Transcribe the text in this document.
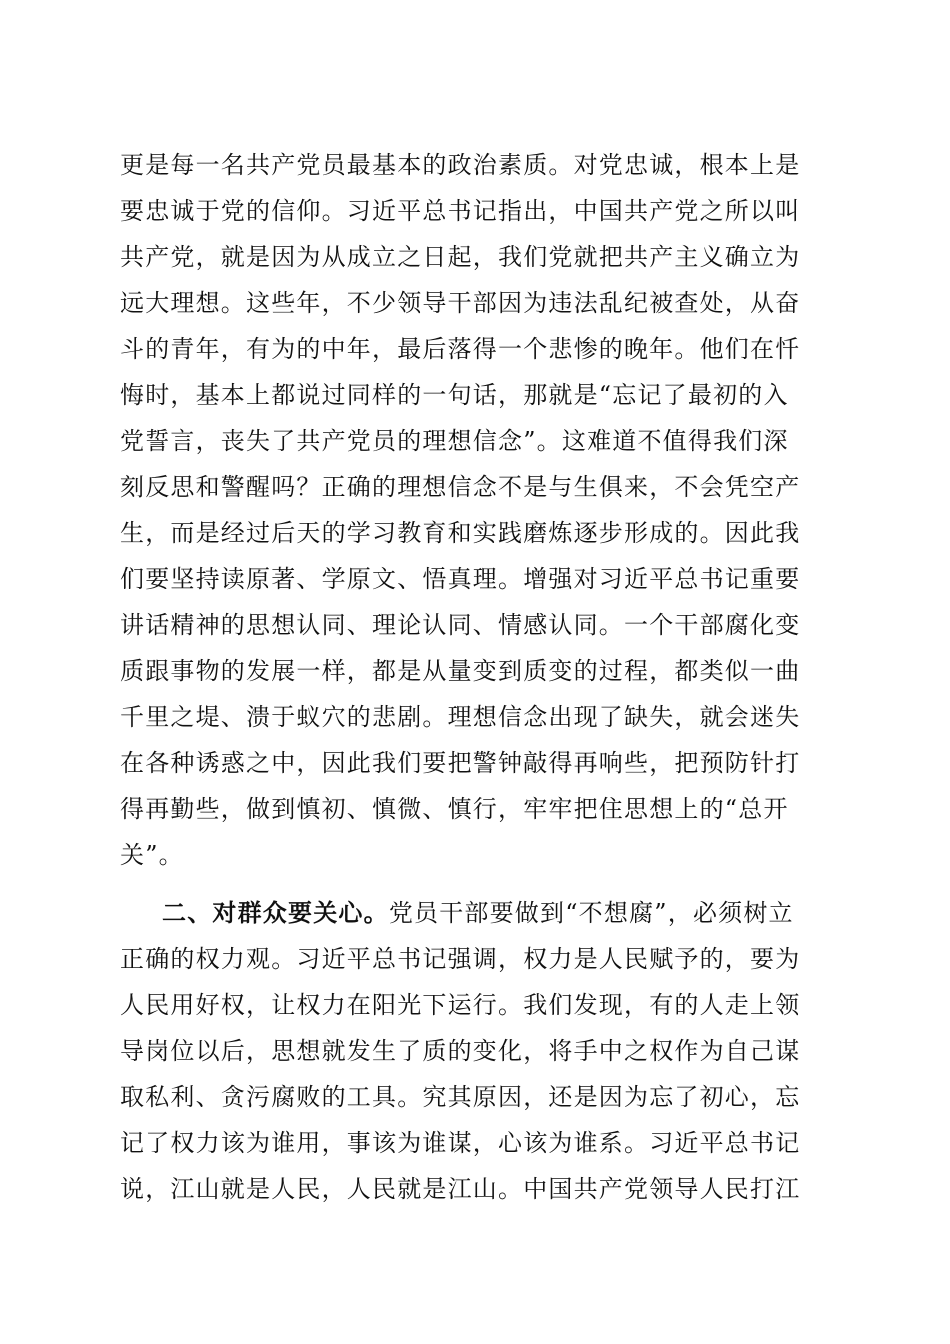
更是每一名共产党员最基本的政治素质。对党忠诚，根本上是
要忠诚于党的信仰。习近平总书记指出，中国共产党之所以叫
共产党，就是因为从成立之日起，我们党就把共产主义确立为
远大理想。这些年，不少领导干部因为违法乱纪被查处，从奋
斗的青年，有为的中年，最后落得一个悲惨的晚年。他们在忏
悔时，基本上都说过同样的一句话，那就是“忘记了最初的入
党誓言，丧失了共产党员的理想信念”。这难道不值得我们深
刻反思和警醒吗？正确的理想信念不是与生俱来，不会凭空产
生，而是经过后天的学习教育和实践磨炼逐步形成的。因此我
们要坚持读原著、学原文、悟真理。增强对习近平总书记重要
讲话精神的思想认同、理论认同、情感认同。一个干部腐化变
质跟事物的发展一样，都是从量变到质变的过程，都类似一曲
千里之堤、溃于蚁穴的悲剧。理想信念出现了缺失，就会迷失
在各种诱惑之中，因此我们要把警钟敲得再响些，把预防针打
得再勤些，做到慎初、慎微、慎行，牢牢把住思想上的“总开
关”。
二、对群众要关心。党员干部要做到“不想腐”，必须树立
正确的权力观。习近平总书记强调，权力是人民赋予的，要为
人民用好权，让权力在阳光下运行。我们发现，有的人走上领
导岗位以后，思想就发生了质的变化，将手中之权作为自己谋
取私利、贪污腐败的工具。究其原因，还是因为忘了初心，忘
记了权力该为谁用，事该为谁谋，心该为谁系。习近平总书记
说，江山就是人民，人民就是江山。中国共产党领导人民打江
